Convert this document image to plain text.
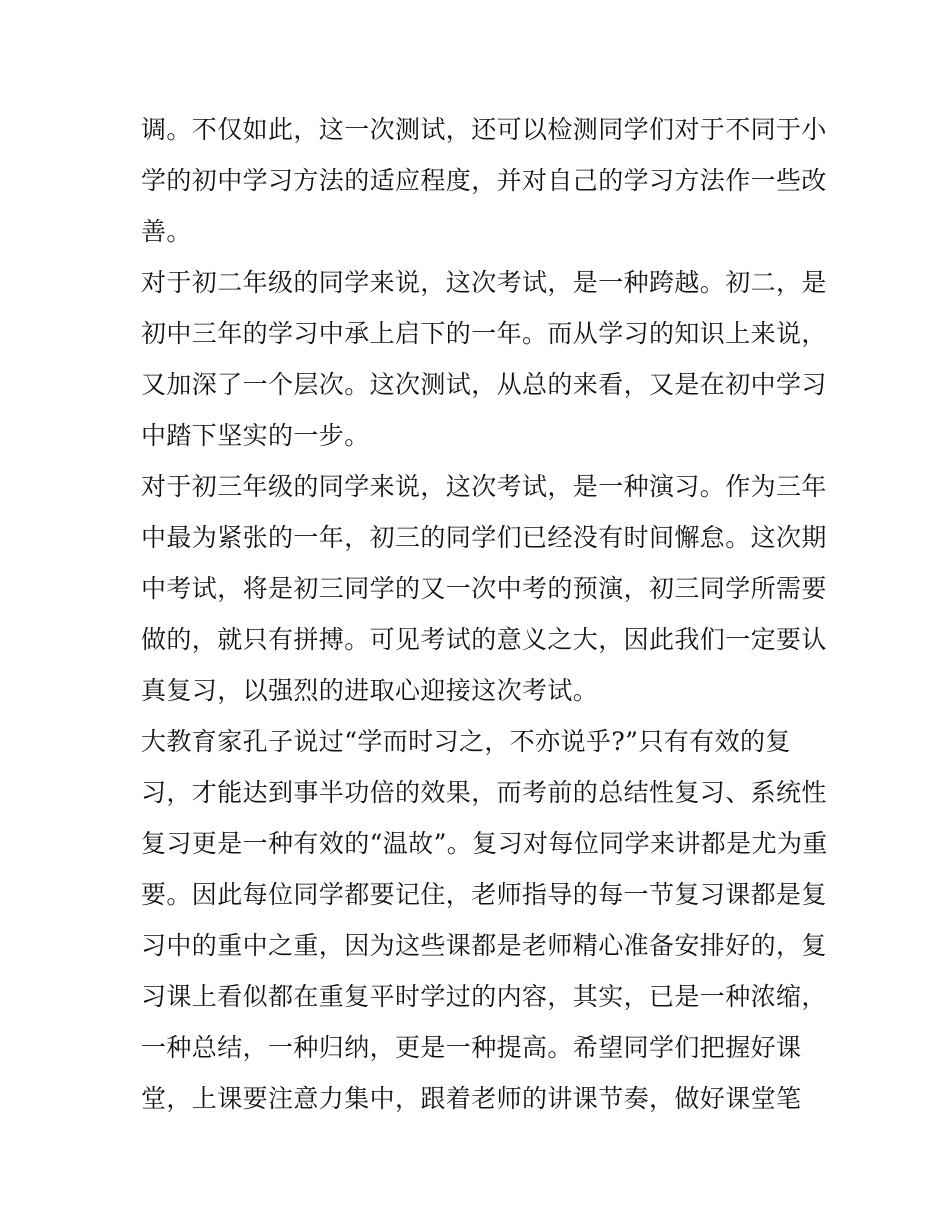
调。不仅如此，这一次测试，还可以检测同学们对于不同于小
学的初中学习方法的适应程度，并对自己的学习方法作一些改
善。
对于初二年级的同学来说，这次考试，是一种跨越。初二，是
初中三年的学习中承上启下的一年。而从学习的知识上来说，
又加深了一个层次。这次测试，从总的来看，又是在初中学习
中踏下坚实的一步。
对于初三年级的同学来说，这次考试，是一种演习。作为三年
中最为紧张的一年，初三的同学们已经没有时间懈怠。这次期
中考试，将是初三同学的又一次中考的预演，初三同学所需要
做的，就只有拼搏。可见考试的意义之大，因此我们一定要认
真复习，以强烈的进取心迎接这次考试。
大教育家孔子说过“学而时习之，不亦说乎?”只有有效的复
习，才能达到事半功倍的效果，而考前的总结性复习、系统性
复习更是一种有效的“温故”。复习对每位同学来讲都是尤为重
要。因此每位同学都要记住，老师指导的每一节复习课都是复
习中的重中之重，因为这些课都是老师精心准备安排好的，复
习课上看似都在重复平时学过的内容，其实，已是一种浓缩，
一种总结，一种归纳，更是一种提高。希望同学们把握好课
堂，上课要注意力集中，跟着老师的讲课节奏，做好课堂笔
